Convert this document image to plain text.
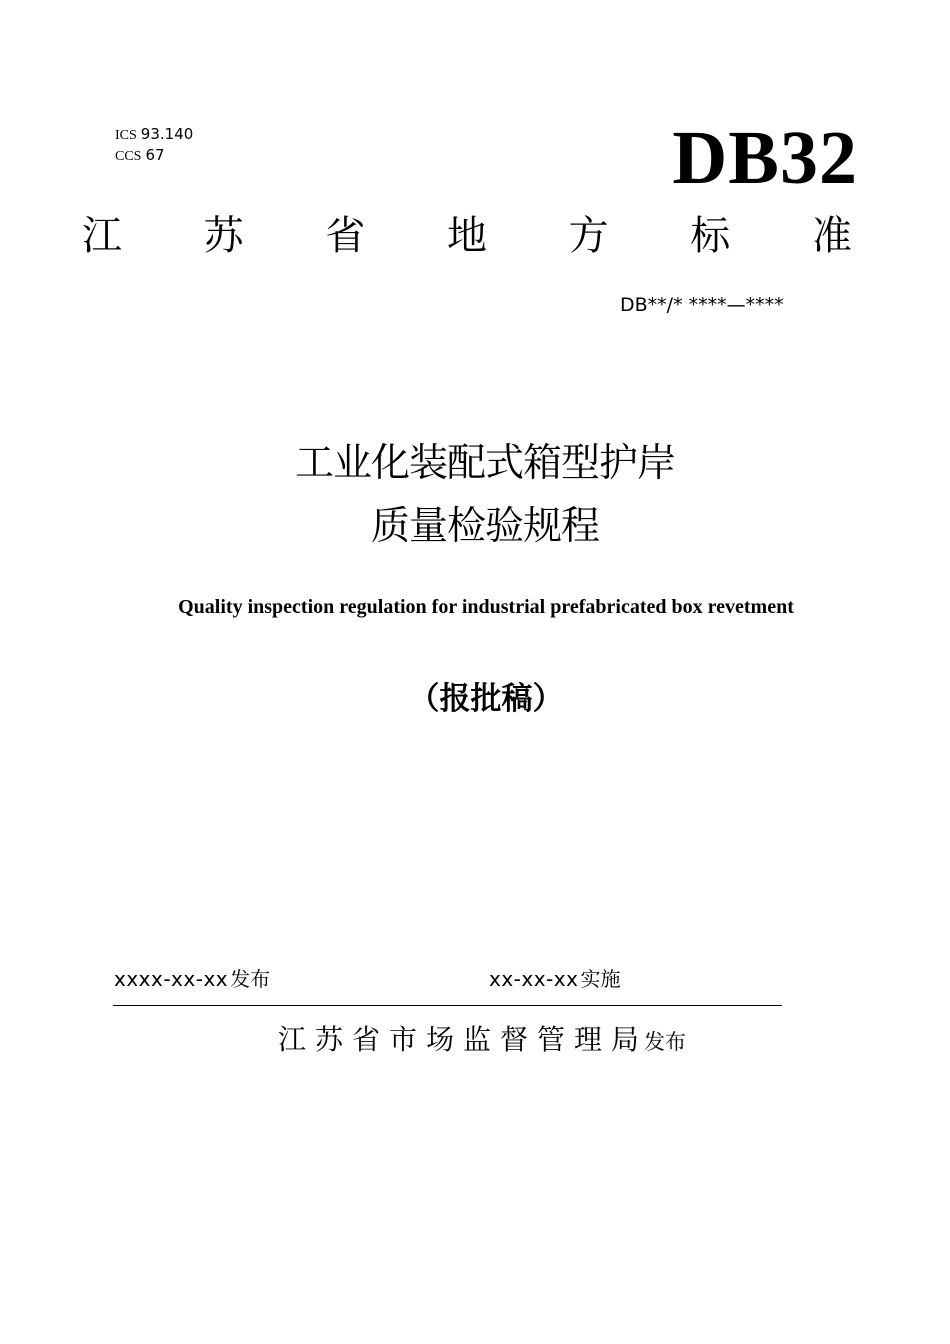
ICS 93.140
CCS 67	DB32
江 苏 省 地 方 标 准
DB**/* ****—****
工业化装配式箱型护岸
质量检验规程
Quality inspection regulation for industrial prefabricated box revetment
（报批稿）
xxxx-xx-xx 发布	xx-xx-xx 实施
江苏省市场监督管理局发布
